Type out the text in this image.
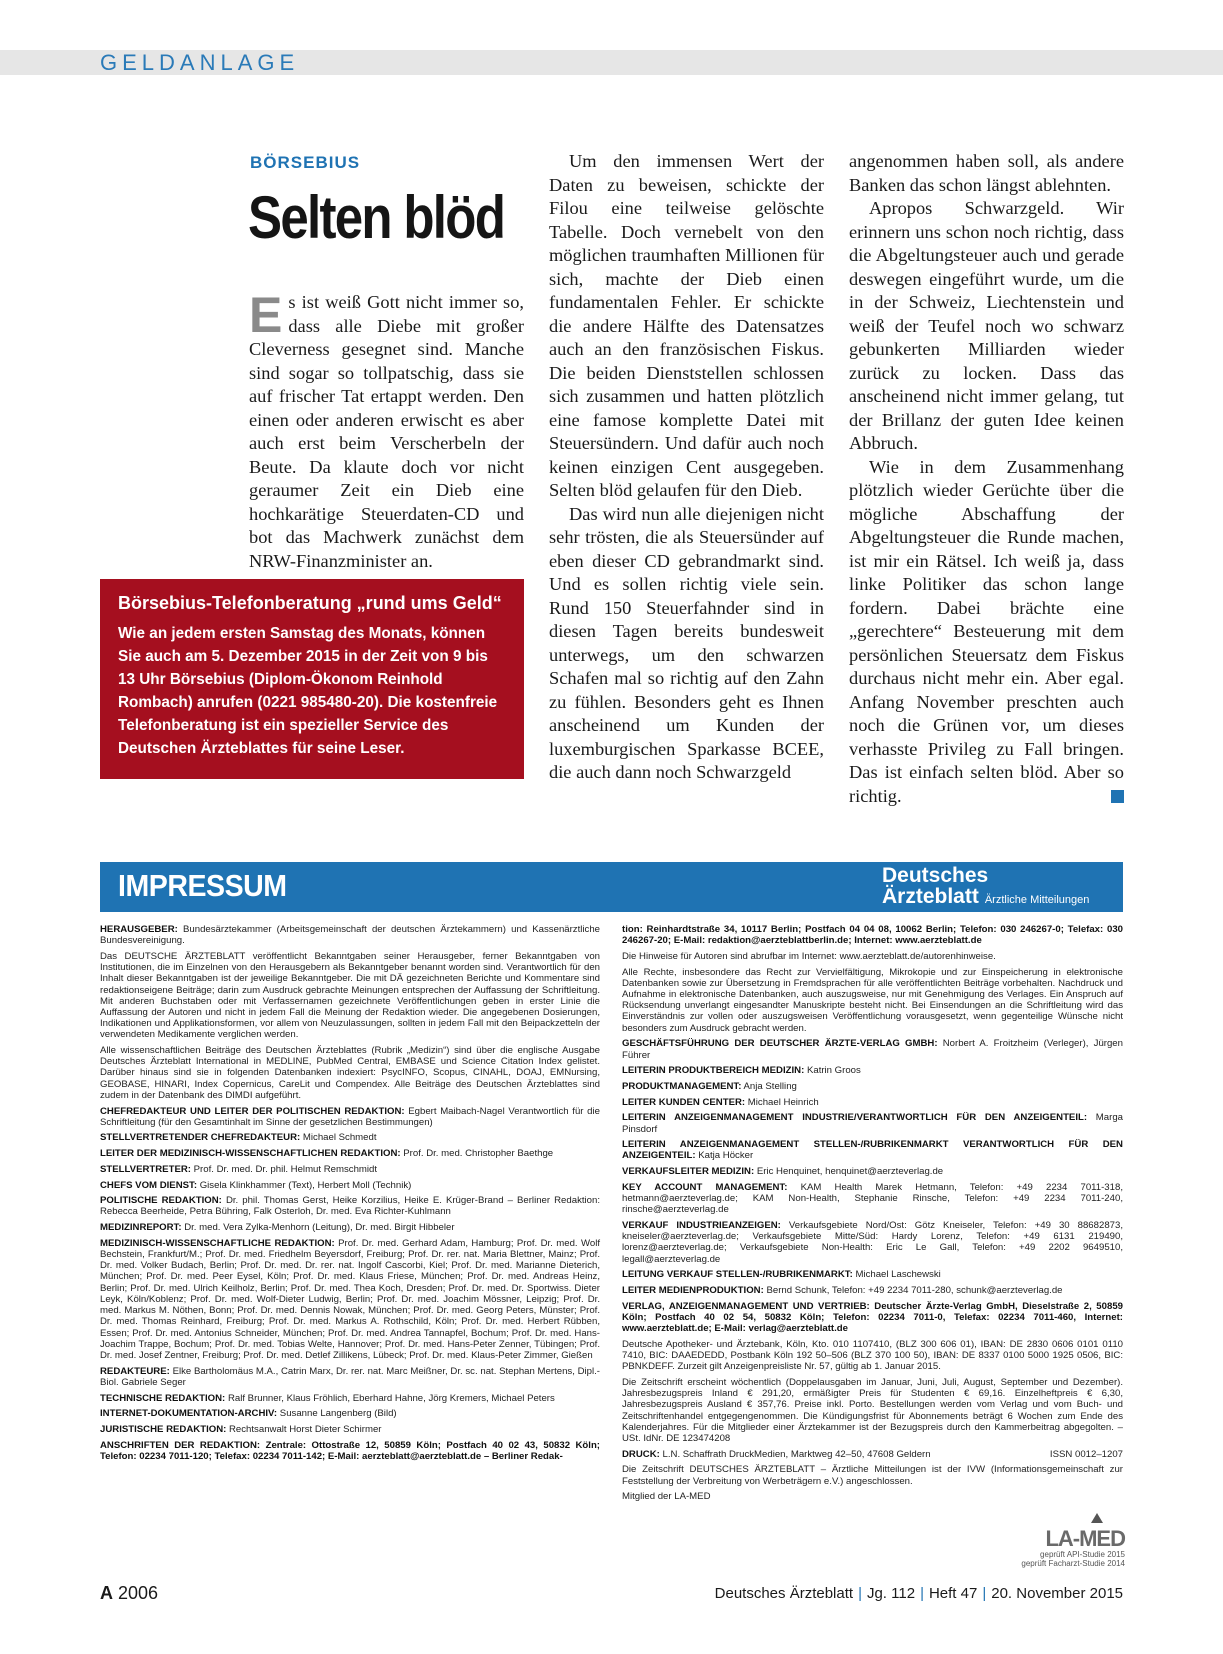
GELDANLAGE
BÖRSEBIUS
Selten blöd

Es ist weiß Gott nicht immer so, dass alle Diebe mit großer Cleverness gesegnet sind. Manche sind sogar so tollpatschig, dass sie auf frischer Tat ertappt werden. Den einen oder anderen erwischt es aber auch erst beim Verscherbeln der Beute. Da klaute doch vor nicht geraumer Zeit ein Dieb eine hochkarätige Steuerdaten-CD und bot das Machwerk zunächst dem NRW-Finanzminister an.

Um den immensen Wert der Daten zu beweisen, schickte der Filou eine teilweise gelöschte Tabelle. Doch vernebelt von den möglichen traumhaften Millionen für sich, machte der Dieb einen fundamentalen Fehler. Er schickte die andere Hälfte des Datensatzes auch an den französischen Fiskus. Die beiden Dienststellen schlossen sich zusammen und hatten plötzlich eine famose komplette Datei mit Steuersündern. Und dafür auch noch keinen einzigen Cent ausgegeben. Selten blöd gelaufen für den Dieb.

Das wird nun alle diejenigen nicht sehr trösten, die als Steuersünder auf eben dieser CD gebrandmarkt sind. Und es sollen richtig viele sein. Rund 150 Steuerfahnder sind in diesen Tagen bereits bundesweit unterwegs, um den schwarzen Schafen mal so richtig auf den Zahn zu fühlen. Besonders geht es Ihnen anscheinend um Kunden der luxemburgischen Sparkasse BCEE, die auch dann noch Schwarzgeld

angenommen haben soll, als andere Banken das schon längst ablehnten.

Apropos Schwarzgeld. Wir erinnern uns schon noch richtig, dass die Abgeltungsteuer auch und gerade deswegen eingeführt wurde, um die in der Schweiz, Liechtenstein und weiß der Teufel noch wo schwarz gebunkerten Milliarden wieder zurück zu locken. Dass das anscheinend nicht immer gelang, tut der Brillanz der guten Idee keinen Abbruch.

Wie in dem Zusammenhang plötzlich wieder Gerüchte über die mögliche Abschaffung der Abgeltungsteuer die Runde machen, ist mir ein Rätsel. Ich weiß ja, dass linke Politiker das schon lange fordern. Dabei brächte eine „gerechtere“ Besteuerung mit dem persönlichen Steuersatz dem Fiskus durchaus nicht mehr ein. Aber egal. Anfang November preschten auch noch die Grünen vor, um dieses verhasste Privileg zu Fall bringen. Das ist einfach selten blöd. Aber so richtig.

Börsebius-Telefonberatung „rund ums Geld“
Wie an jedem ersten Samstag des Monats, können Sie auch am 5. Dezember 2015 in der Zeit von 9 bis 13 Uhr Börsebius (Diplom-Ökonom Reinhold Rombach) anrufen (0221 985480-20). Die kostenfreie Telefonberatung ist ein spezieller Service des Deutschen Ärzteblattes für seine Leser.
IMPRESSUM	Deutsches
Ärzteblatt Ärztliche Mitteilungen

HERAUSGEBER: Bundesärztekammer (Arbeitsgemeinschaft der deutschen Ärztekammern) und Kassenärztliche Bundesvereinigung.

Das DEUTSCHE ÄRZTEBLATT veröffentlicht Bekanntgaben seiner Herausgeber, ferner Bekanntgaben von Institutionen, die im Einzelnen von den Herausgebern als Bekanntgeber benannt worden sind. Verantwortlich für den Inhalt dieser Bekanntgaben ist der jeweilige Bekanntgeber. Die mit DÄ gezeichneten Berichte und Kommentare sind redaktionseigene Beiträge; darin zum Ausdruck gebrachte Meinungen entsprechen der Auffassung der Schriftleitung. Mit anderen Buchstaben oder mit Verfassernamen gezeichnete Veröffentlichungen geben in erster Linie die Auffassung der Autoren und nicht in jedem Fall die Meinung der Redaktion wieder. Die angegebenen Dosierungen, Indikationen und Applikationsformen, vor allem von Neuzulassungen, sollten in jedem Fall mit den Beipackzetteln der verwendeten Medikamente verglichen werden.

Alle wissenschaftlichen Beiträge des Deutschen Ärzteblattes (Rubrik „Medizin“) sind über die englische Ausgabe Deutsches Ärzteblatt International in MEDLINE, PubMed Central, EMBASE und Science Citation Index gelistet. Darüber hinaus sind sie in folgenden Datenbanken indexiert: PsycINFO, Scopus, CINAHL, DOAJ, EMNursing, GEOBASE, HINARI, Index Copernicus, CareLit und Compendex. Alle Beiträge des Deutschen Ärzteblattes sind zudem in der Datenbank des DIMDI aufgeführt.

CHEFREDAKTEUR UND LEITER DER POLITISCHEN REDAKTION: Egbert Maibach-Nagel Verantwortlich für die Schriftleitung (für den Gesamtinhalt im Sinne der gesetzlichen Bestimmungen)

STELLVERTRETENDER CHEFREDAKTEUR: Michael Schmedt

LEITER DER MEDIZINISCH-WISSENSCHAFTLICHEN REDAKTION: Prof. Dr. med. Christopher Baethge

STELLVERTRETER: Prof. Dr. med. Dr. phil. Helmut Remschmidt

CHEFS VOM DIENST: Gisela Klinkhammer (Text), Herbert Moll (Technik)

POLITISCHE REDAKTION: Dr. phil. Thomas Gerst, Heike Korzilius, Heike E. Krüger-Brand – Berliner Redaktion: Rebecca Beerheide, Petra Bühring, Falk Osterloh, Dr. med. Eva Richter-Kuhlmann

MEDIZINREPORT: Dr. med. Vera Zylka-Menhorn (Leitung), Dr. med. Birgit Hibbeler

MEDIZINISCH-WISSENSCHAFTLICHE REDAKTION: Prof. Dr. med. Gerhard Adam, Hamburg; Prof. Dr. med. Wolf Bechstein, Frankfurt/M.; Prof. Dr. med. Friedhelm Beyersdorf, Freiburg; Prof. Dr. rer. nat. Maria Blettner, Mainz; Prof. Dr. med. Volker Budach, Berlin; Prof. Dr. med. Dr. rer. nat. Ingolf Cascorbi, Kiel; Prof. Dr. med. Marianne Dieterich, München; Prof. Dr. med. Peer Eysel, Köln; Prof. Dr. med. Klaus Friese, München; Prof. Dr. med. Andreas Heinz, Berlin; Prof. Dr. med. Ulrich Keilholz, Berlin; Prof. Dr. med. Thea Koch, Dresden; Prof. Dr. med. Dr. Sportwiss. Dieter Leyk, Köln/Koblenz; Prof. Dr. med. Wolf-Dieter Ludwig, Berlin; Prof. Dr. med. Joachim Mössner, Leipzig; Prof. Dr. med. Markus M. Nöthen, Bonn; Prof. Dr. med. Dennis Nowak, München; Prof. Dr. med. Georg Peters, Münster; Prof. Dr. med. Thomas Reinhard, Freiburg; Prof. Dr. med. Markus A. Rothschild, Köln; Prof. Dr. med. Herbert Rübben, Essen; Prof. Dr. med. Antonius Schneider, München; Prof. Dr. med. Andrea Tannapfel, Bochum; Prof. Dr. med. Hans-Joachim Trappe, Bochum; Prof. Dr. med. Tobias Welte, Hannover; Prof. Dr. med. Hans-Peter Zenner, Tübingen; Prof. Dr. med. Josef Zentner, Freiburg; Prof. Dr. med. Detlef Zillikens, Lübeck; Prof. Dr. med. Klaus-Peter Zimmer, Gießen

REDAKTEURE: Elke Bartholomäus M.A., Catrin Marx, Dr. rer. nat. Marc Meißner, Dr. sc. nat. Stephan Mertens, Dipl.-Biol. Gabriele Seger

TECHNISCHE REDAKTION: Ralf Brunner, Klaus Fröhlich, Eberhard Hahne, Jörg Kremers, Michael Peters

INTERNET-DOKUMENTATION-ARCHIV: Susanne Langenberg (Bild)

JURISTISCHE REDAKTION: Rechtsanwalt Horst Dieter Schirmer

ANSCHRIFTEN DER REDAKTION: Zentrale: Ottostraße 12, 50859 Köln; Postfach 40 02 43, 50832 Köln; Telefon: 02234 7011-120; Telefax: 02234 7011-142; E-Mail: aerzteblatt@aerzteblatt.de – Berliner Redak-

tion: Reinhardtstraße 34, 10117 Berlin; Postfach 04 04 08, 10062 Berlin; Telefon: 030 246267-0; Telefax: 030 246267-20; E-Mail: redaktion@aerzteblattberlin.de; Internet: www.aerzteblatt.de

Die Hinweise für Autoren sind abrufbar im Internet: www.aerzteblatt.de/autorenhinweise.

Alle Rechte, insbesondere das Recht zur Vervielfältigung, Mikrokopie und zur Einspeicherung in elektronische Datenbanken sowie zur Übersetzung in Fremdsprachen für alle veröffentlichten Beiträge vorbehalten. Nachdruck und Aufnahme in elektronische Datenbanken, auch auszugsweise, nur mit Genehmigung des Verlages. Ein Anspruch auf Rücksendung unverlangt eingesandter Manuskripte besteht nicht. Bei Einsendungen an die Schriftleitung wird das Einverständnis zur vollen oder auszugsweisen Veröffentlichung vorausgesetzt, wenn gegenteilige Wünsche nicht besonders zum Ausdruck gebracht werden.

GESCHÄFTSFÜHRUNG DER DEUTSCHER ÄRZTE-VERLAG GMBH: Norbert A. Froitzheim (Verleger), Jürgen Führer

LEITERIN PRODUKTBEREICH MEDIZIN: Katrin Groos

PRODUKTMANAGEMENT: Anja Stelling

LEITER KUNDEN CENTER: Michael Heinrich

LEITERIN ANZEIGENMANAGEMENT INDUSTRIE/VERANTWORTLICH FÜR DEN ANZEIGENTEIL: Marga Pinsdorf

LEITERIN ANZEIGENMANAGEMENT STELLEN-/RUBRIKENMARKT VERANTWORTLICH FÜR DEN ANZEIGENTEIL: Katja Höcker

VERKAUFSLEITER MEDIZIN: Eric Henquinet, henquinet@aerzteverlag.de

KEY ACCOUNT MANAGEMENT: KAM Health Marek Hetmann, Telefon: +49 2234 7011-318, hetmann@aerzteverlag.de; KAM Non-Health, Stephanie Rinsche, Telefon: +49 2234 7011-240, rinsche@aerzteverlag.de

VERKAUF INDUSTRIEANZEIGEN: Verkaufsgebiete Nord/Ost: Götz Kneiseler, Telefon: +49 30 88682873, kneiseler@aerzteverlag.de; Verkaufsgebiete Mitte/Süd: Hardy Lorenz, Telefon: +49 6131 219490, lorenz@aerzteverlag.de; Verkaufsgebiete Non-Health: Eric Le Gall, Telefon: +49 2202 9649510, legall@aerzteverlag.de

LEITUNG VERKAUF STELLEN-/RUBRIKENMARKT: Michael Laschewski

LEITER MEDIENPRODUKTION: Bernd Schunk, Telefon: +49 2234 7011-280, schunk@aerzteverlag.de

VERLAG, ANZEIGENMANAGEMENT UND VERTRIEB: Deutscher Ärzte-Verlag GmbH, Dieselstraße 2, 50859 Köln; Postfach 40 02 54, 50832 Köln; Telefon: 02234 7011-0, Telefax: 02234 7011-460, Internet: www.aerzteblatt.de; E-Mail: verlag@aerzteblatt.de

Deutsche Apotheker- und Ärztebank, Köln, Kto. 010 1107410, (BLZ 300 606 01), IBAN: DE 2830 0606 0101 0110 7410, BIC: DAAEDEDD, Postbank Köln 192 50–506 (BLZ 370 100 50), IBAN: DE 8337 0100 5000 1925 0506, BIC: PBNKDEFF. Zurzeit gilt Anzeigenpreisliste Nr. 57, gültig ab 1. Januar 2015.

Die Zeitschrift erscheint wöchentlich (Doppelausgaben im Januar, Juni, Juli, August, September und Dezember). Jahresbezugspreis Inland € 291,20, ermäßigter Preis für Studenten € 69,16. Einzelheftpreis € 6,30, Jahresbezugspreis Ausland € 357,76. Preise inkl. Porto. Bestellungen werden vom Verlag und vom Buch- und Zeitschriftenhandel entgegengenommen. Die Kündigungsfrist für Abonnements beträgt 6 Wochen zum Ende des Kalenderjahres. Für die Mitglieder einer Ärztekammer ist der Bezugspreis durch den Kammerbeitrag abgegolten. – USt. IdNr. DE 123474208

ISSN 0012–1207
DRUCK: L.N. Schaffrath DruckMedien, Marktweg 42–50, 47608 Geldern

Die Zeitschrift DEUTSCHES ÄRZTEBLATT – Ärztliche Mitteilungen ist der IVW (Informationsgemeinschaft zur Feststellung der Verbreitung von Werbeträgern e.V.) angeschlossen.

Mitglied der LA-MED

LA-MED
geprüft API-Studie 2015
geprüft Facharzt-Studie 2014
A 2006	Deutsches Ärzteblatt | Jg. 112 | Heft 47 | 20. November 2015
